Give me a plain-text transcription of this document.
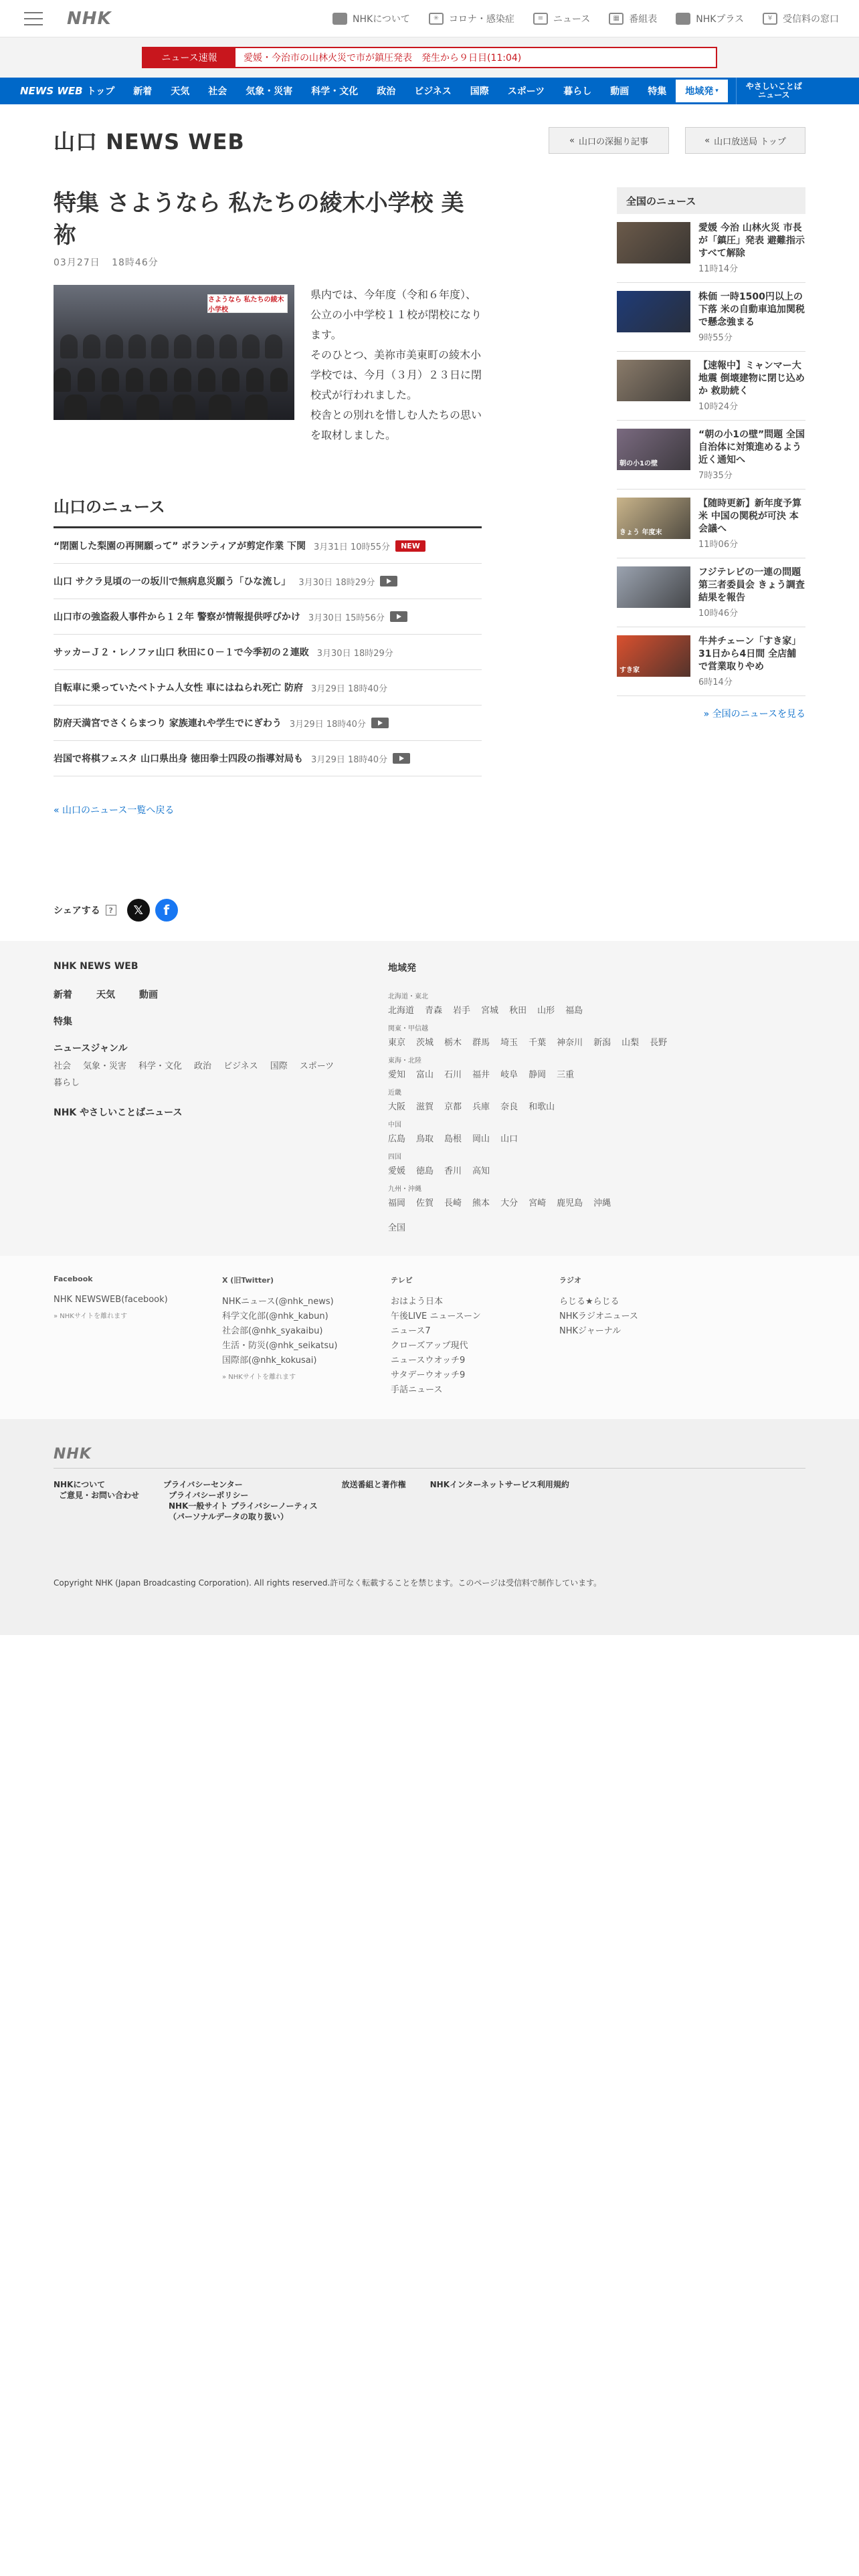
NHK	NHKについて	✳	コロナ・感染症	≡	ニュース	▦	番組表	NHKプラス	¥	受信料の窓口
ニュース速報	愛媛・今治市の山林火災で市が鎮圧発表　発生から９日目(11:04)
NEWS WEB トップ	新着	天気	社会	気象・災害	科学・文化	政治	ビジネス	国際	スポーツ	暮らし	動画	特集	地域発 ▾	やさしいことば
ニュース
山口 NEWS WEB	« 山口の深掘り記事	« 山口放送局 トップ
特集 さようなら 私たちの綾木小学校 美祢
03月27日 18時46分
さようなら 私たちの綾木小学校

県内では、今年度（令和６年度）、公立の小中学校１１校が閉校になります。

そのひとつ、美祢市美東町の綾木小学校では、今月（３月）２３日に閉校式が行われました。

校舎との別れを惜しむ人たちの思いを取材しました。

山口のニュース
“閉園した梨園の再開願って” ボランティアが剪定作業 下関 3月31日 10時55分	NEW
山口 サクラ見頃の一の坂川で無病息災願う「ひな流し」 3月30日 18時29分
山口市の強盗殺人事件から１２年 警察が情報提供呼びかけ 3月30日 15時56分
サッカーＪ２・レノファ山口 秋田に０－１で今季初の２連敗 3月30日 18時29分
自転車に乗っていたベトナム人女性 車にはねられ死亡 防府 3月29日 18時40分
防府天満宮でさくらまつり 家族連れや学生でにぎわう 3月29日 18時40分
岩国で将棋フェスタ 山口県出身 徳田拳士四段の指導対局も 3月29日 18時40分
« 山口のニュース一覧へ戻る
シェアする	?	𝕏	f
全国のニュース
愛媛 今治 山林火災 市長が「鎮圧」発表 避難指示すべて解除
11時14分
株価 一時1500円以上の下落 米の自動車追加関税で懸念強まる
9時55分
【速報中】ミャンマー大地震 倒壊建物に閉じ込めか 救助続く
10時24分
朝の小1の壁
“朝の小1の壁”問題 全国自治体に対策進めるよう近く通知へ
7時35分
きょう 年度末
【随時更新】新年度予算 米 中国の関税が可決 本会議へ
11時06分
フジテレビの一連の問題 第三者委員会 きょう調査結果を報告
10時46分
すき家
牛丼チェーン「すき家」31日から4日間 全店舗で営業取りやめ
6時14分
» 全国のニュースを見る
NHK NEWS WEB
新着	天気	動画
特集
ニュースジャンル
社会 気象・災害 科学・文化 政治 ビジネス 国際 スポーツ
暮らし
NHK やさしいことばニュース
地域発
北海道・東北
北海道 青森 岩手 宮城 秋田 山形 福島
関東・甲信越
東京 茨城 栃木 群馬 埼玉 千葉 神奈川 新潟 山梨 長野
東海・北陸
愛知 富山 石川 福井 岐阜 静岡 三重
近畿
大阪 滋賀 京都 兵庫 奈良 和歌山
中国
広島 鳥取 島根 岡山 山口
四国
愛媛 徳島 香川 高知
九州・沖縄
福岡 佐賀 長崎 熊本 大分 宮崎 鹿児島 沖縄
全国
Facebook
NHK NEWSWEB(facebook)
» NHKサイトを離れます
X (旧Twitter)
NHKニュース(@nhk_news)
科学文化部(@nhk_kabun)
社会部(@nhk_syakaibu)
生活・防災(@nhk_seikatsu)
国際部(@nhk_kokusai)
» NHKサイトを離れます
テレビ
おはよう日本
午後LIVE ニュースーン
ニュース7
クローズアップ現代
ニュースウオッチ9
サタデーウオッチ9
手話ニュース
ラジオ
らじる★らじる
NHKラジオニュース
NHKジャーナル
NHK
NHKについて
ご意見・お問い合わせ
プライバシーセンター
プライバシーポリシー
NHK一般サイト プライバシーノーティス
（パーソナルデータの取り扱い）
放送番組と著作権	NHKインターネットサービス利用規約
Copyright NHK (Japan Broadcasting Corporation). All rights reserved.許可なく転載することを禁じます。このページは受信料で制作しています。
